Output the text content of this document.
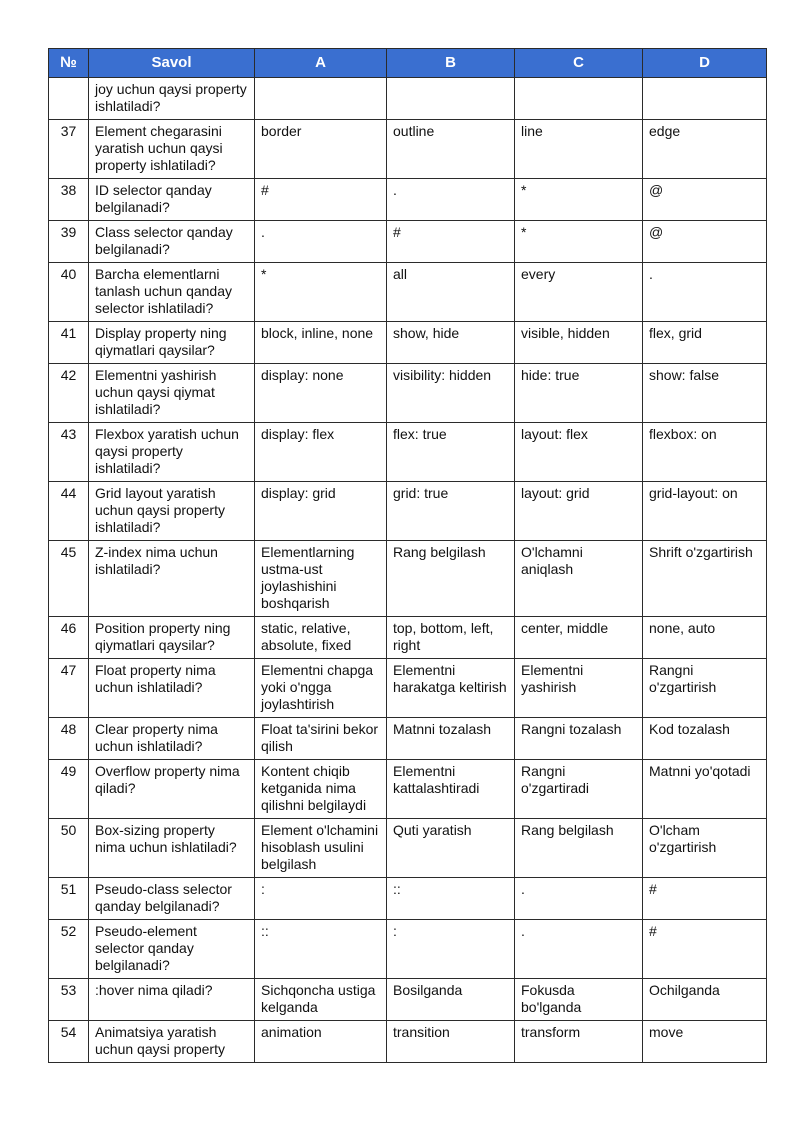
№	Savol	A	B	C	D
	joy uchun qaysi property ishlatiladi?				
37	Element chegarasini yaratish uchun qaysi property ishlatiladi?	border	outline	line	edge
38	ID selector qanday belgilanadi?	#	.	*	@
39	Class selector qanday belgilanadi?	.	#	*	@
40	Barcha elementlarni tanlash uchun qanday selector ishlatiladi?	*	all	every	.
41	Display property ning qiymatlari qaysilar?	block, inline, none	show, hide	visible, hidden	flex, grid
42	Elementni yashirish uchun qaysi qiymat ishlatiladi?	display: none	visibility: hidden	hide: true	show: false
43	Flexbox yaratish uchun qaysi property ishlatiladi?	display: flex	flex: true	layout: flex	flexbox: on
44	Grid layout yaratish uchun qaysi property ishlatiladi?	display: grid	grid: true	layout: grid	grid-layout: on
45	Z-index nima uchun ishlatiladi?	Elementlarning ustma-ust joylashishini boshqarish	Rang belgilash	O'lchamni aniqlash	Shrift o'zgartirish
46	Position property ning qiymatlari qaysilar?	static, relative, absolute, fixed	top, bottom, left, right	center, middle	none, auto
47	Float property nima uchun ishlatiladi?	Elementni chapga yoki o'ngga joylashtirish	Elementni harakatga keltirish	Elementni yashirish	Rangni o'zgartirish
48	Clear property nima uchun ishlatiladi?	Float ta'sirini bekor qilish	Matnni tozalash	Rangni tozalash	Kod tozalash
49	Overflow property nima qiladi?	Kontent chiqib ketganida nima qilishni belgilaydi	Elementni kattalashtiradi	Rangni o'zgartiradi	Matnni yo'qotadi
50	Box-sizing property nima uchun ishlatiladi?	Element o'lchamini hisoblash usulini belgilash	Quti yaratish	Rang belgilash	O'lcham o'zgartirish
51	Pseudo-class selector qanday belgilanadi?	:	::	.	#
52	Pseudo-element selector qanday belgilanadi?	::	:	.	#
53	:hover nima qiladi?	Sichqoncha ustiga kelganda	Bosilganda	Fokusda bo'lganda	Ochilganda
54	Animatsiya yaratish uchun qaysi property	animation	transition	transform	move
